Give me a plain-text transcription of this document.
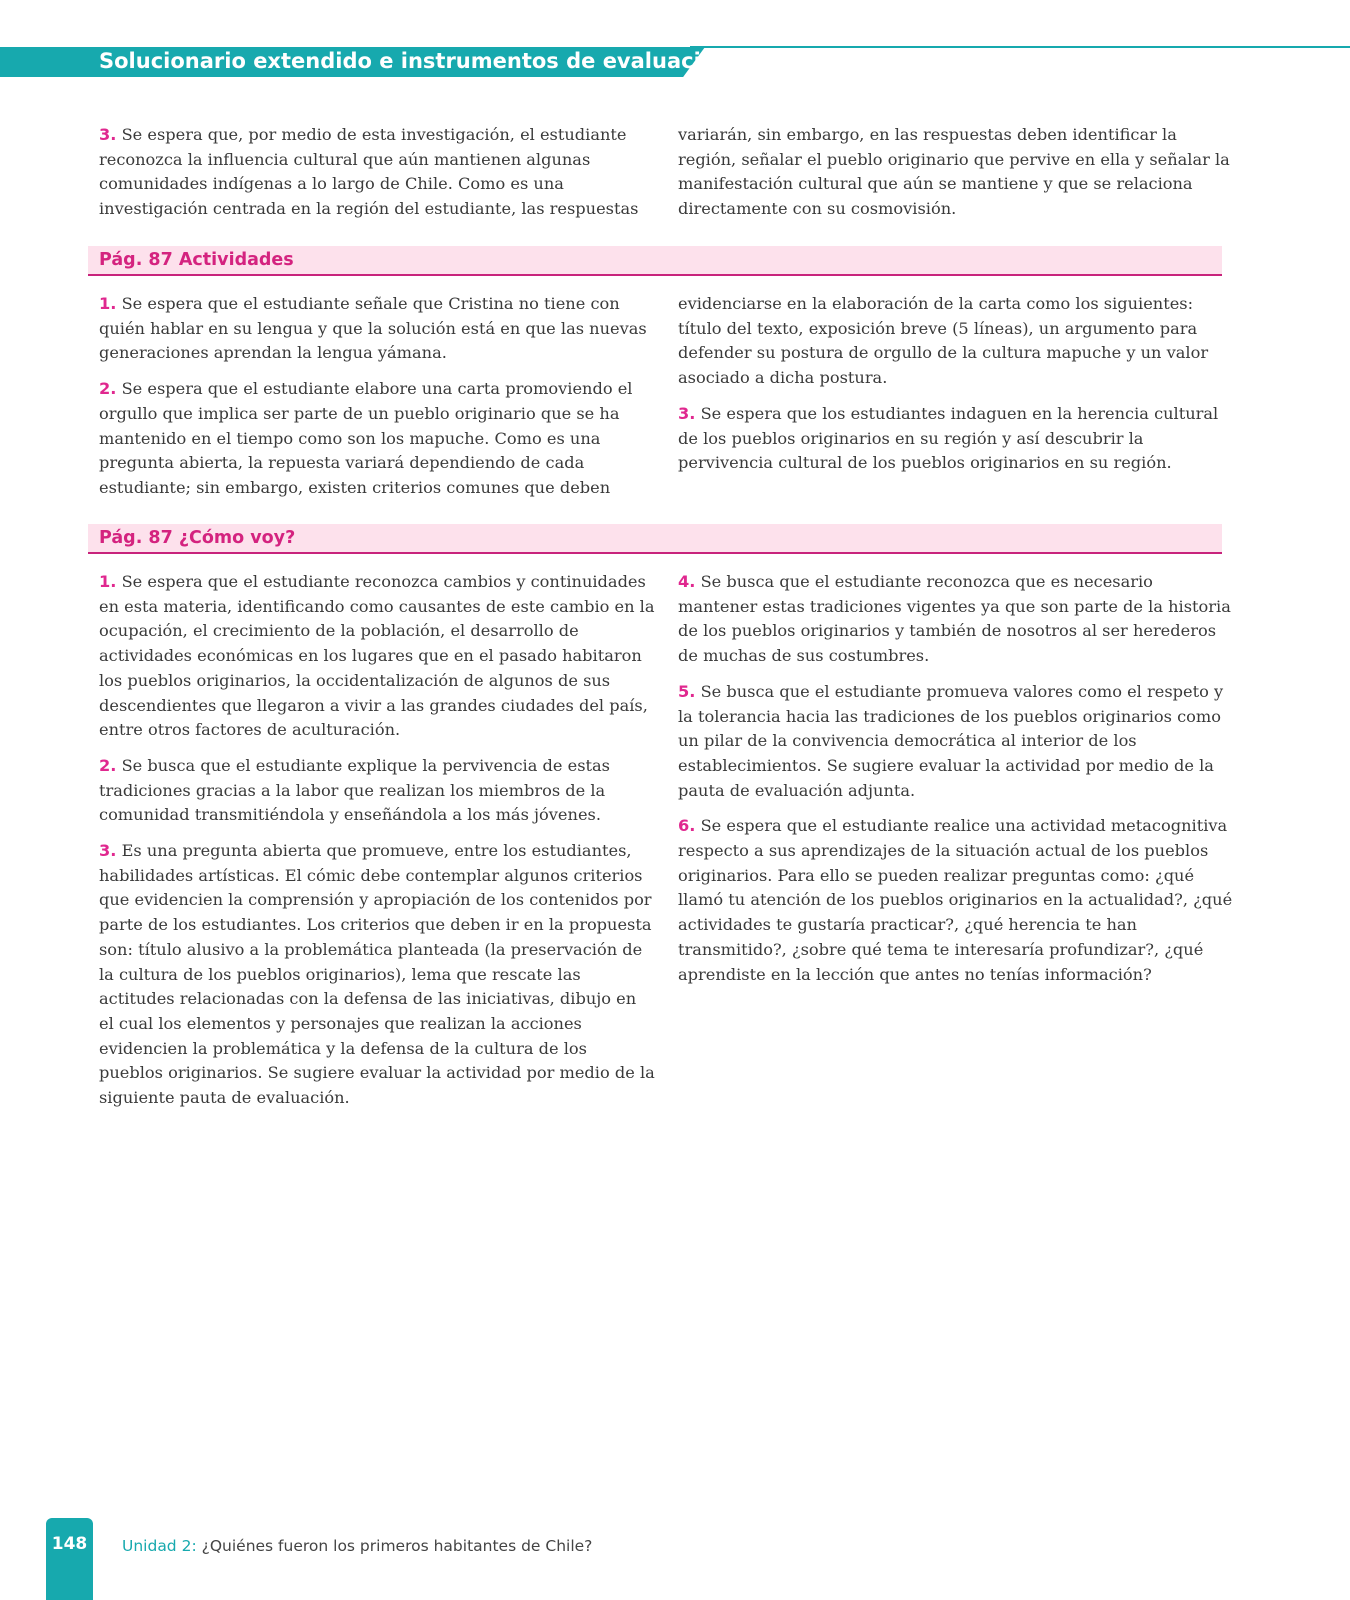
Solucionario extendido e instrumentos de evaluación

3. Se espera que, por medio de esta investigación, el estudiante reconozca la influencia cultural que aún mantienen algunas comunidades indígenas a lo largo de Chile. Como es una investigación centrada en la región del estudiante, las respuestas

variarán, sin embargo, en las respuestas deben identificar la región, señalar el pueblo originario que pervive en ella y señalar la manifestación cultural que aún se mantiene y que se relaciona directamente con su cosmovisión.

Pág. 87 Actividades

1. Se espera que el estudiante señale que Cristina no tiene con quién hablar en su lengua y que la solución está en que las nuevas generaciones aprendan la lengua yámana.

2. Se espera que el estudiante elabore una carta promoviendo el orgullo que implica ser parte de un pueblo originario que se ha mantenido en el tiempo como son los mapuche. Como es una pregunta abierta, la repuesta variará dependiendo de cada estudiante; sin embargo, existen criterios comunes que deben

evidenciarse en la elaboración de la carta como los siguientes: título del texto, exposición breve (5 líneas), un argumento para defender su postura de orgullo de la cultura mapuche y un valor asociado a dicha postura.

3. Se espera que los estudiantes indaguen en la herencia cultural de los pueblos originarios en su región y así descubrir la pervivencia cultural de los pueblos originarios en su región.

Pág. 87 ¿Cómo voy?

1. Se espera que el estudiante reconozca cambios y continuidades en esta materia, identificando como causantes de este cambio en la ocupación, el crecimiento de la población, el desarrollo de actividades económicas en los lugares que en el pasado habitaron los pueblos originarios, la occidentalización de algunos de sus descendientes que llegaron a vivir a las grandes ciudades del país, entre otros factores de aculturación.

2. Se busca que el estudiante explique la pervivencia de estas tradiciones gracias a la labor que realizan los miembros de la comunidad transmitiéndola y enseñándola a los más jóvenes.

3. Es una pregunta abierta que promueve, entre los estudiantes, habilidades artísticas. El cómic debe contemplar algunos criterios que evidencien la comprensión y apropiación de los contenidos por parte de los estudiantes. Los criterios que deben ir en la propuesta son: título alusivo a la problemática planteada (la preservación de la cultura de los pueblos originarios), lema que rescate las actitudes relacionadas con la defensa de las iniciativas, dibujo en el cual los elementos y personajes que realizan la acciones evidencien la problemática y la defensa de la cultura de los pueblos originarios. Se sugiere evaluar la actividad por medio de la siguiente pauta de evaluación.

4. Se busca que el estudiante reconozca que es necesario mantener estas tradiciones vigentes ya que son parte de la historia de los pueblos originarios y también de nosotros al ser herederos de muchas de sus costumbres.

5. Se busca que el estudiante promueva valores como el respeto y la tolerancia hacia las tradiciones de los pueblos originarios como un pilar de la convivencia democrática al interior de los establecimientos. Se sugiere evaluar la actividad por medio de la pauta de evaluación adjunta.

6. Se espera que el estudiante realice una actividad metacognitiva respecto a sus aprendizajes de la situación actual de los pueblos originarios. Para ello se pueden realizar preguntas como: ¿qué llamó tu atención de los pueblos originarios en la actualidad?, ¿qué actividades te gustaría practicar?, ¿qué herencia te han transmitido?, ¿sobre qué tema te interesaría profundizar?, ¿qué aprendiste en la lección que antes no tenías información?

148	Unidad 2: ¿Quiénes fueron los primeros habitantes de Chile?
